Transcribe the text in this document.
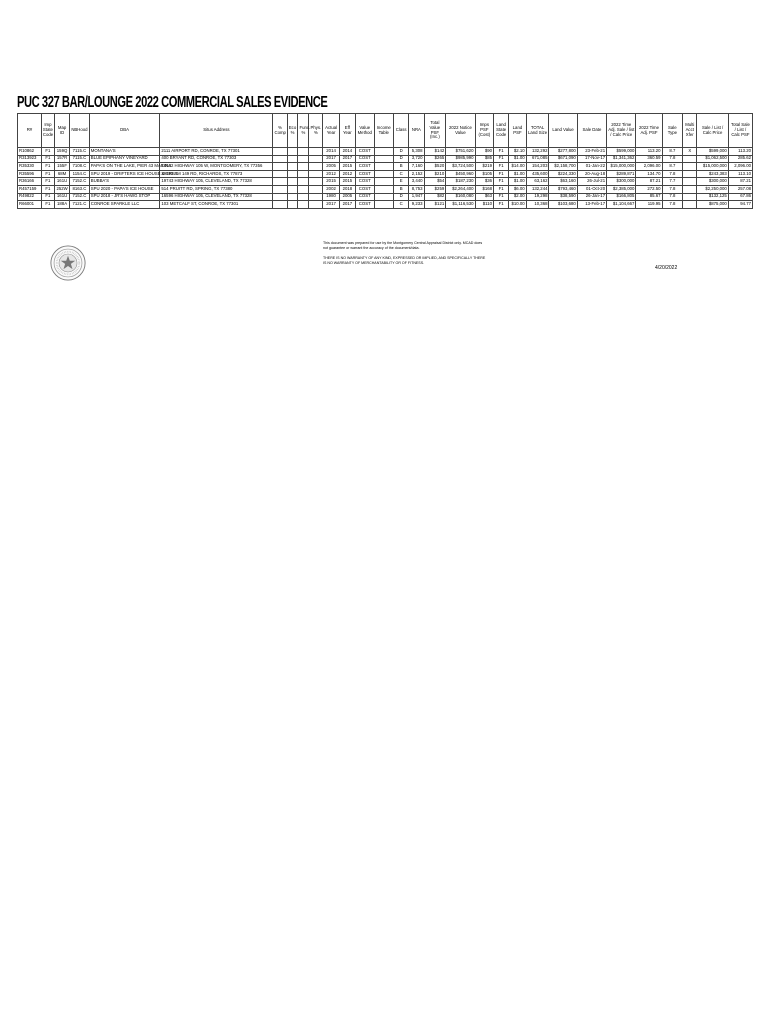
PUC 327 BAR/LOUNGE 2022 COMMERCIAL SALES EVIDENCE
R#	Imp State Code	Map ID	NBHood	DBA	Situs Address	% Comp	Eco %	Func. %	Phys. %	Actual Year	Eff Year	Value Method	Income Table	Class	NRA	Total Value PSF (Inc.)	2022 Notice Value	Imps PSF (Cost)	Land State Code	Land PSF	TOTAL Land Size	Land Value	Sale Date	2022 Time Adj. Sale / list / Calc Price	2022 Time Adj. PSF	Sale Type	Multi Acct Xfer	Sale / List / Calc Price	Total Sale / List / Calc PSF
R10862	F1	159Q	7115.C	MONTANA'S	2111 AIRPORT RD, CONROE, TX 77301					2014	2014	COST		D	5,308	$142	$751,620	$90	F1	$2.10	132,292	$277,800	23-Feb-21	$599,000	113.20	8.7	X	$599,000	113.20
R313923	F1	157R	7115.C	BLUE EPIPHANY VINEYARD	400 BRYANT RD, CONROE, TX 77303					2017	2017	COST		D	3,720	$265	$985,990	$85	F1	$1.00	671,085	$671,090	17-Nov-17	$1,341,362	360.59	7.8		$1,062,500	285.62
R35330	F1	155F	7108.C	PAPA'S ON THE LAKE, PIER 43 MARINA	14632 HIGHWAY 105 W, MONTGOMERY, TX 77356					2005	2015	COST		B	7,160	$520	$3,724,500	$219	F1	$14.00	154,203	$2,158,700	01-Jan-22	$15,000,000	2,096.00	8.7		$15,000,000	2,096.00
R35596	F1	68M	1154.C	SPU 2019 - DRIFTERS ICE HOUSE & GRILL	29193 FM 149 RD, RICHARDS, TX 77873					2012	2012	COST		C	2,152	$210	$450,960	$105	F1	$1.00	435,600	$224,330	20-Aug-18	$289,871	134.70	7.8		$243,383	113.10
R36166	F1	161U	7152.C	BUBBA'S	19743 HIGHWAY 105, CLEVELAND, TX 77328					2015	2015	COST		E	3,440	$54	$187,230	$36	F1	$1.00	63,162	$63,160	26-Jul-21	$300,000	87.21	7.7		$300,000	87.21
R457159	F1	252W	8163.C	SPU 2020 - PAPA'S ICE HOUSE	514 PRUITT RD, SPRING, TX 77380					2002	2018	COST		B	8,753	$259	$2,264,400	$168	F1	$6.00	132,244	$793,460	01-Oct-20	$2,385,000	272.50	7.8		$2,250,000	257.08
R49822	F1	161U	7152.C	SPU 2018 - JR'S HAWG STOP	16596 HIGHWAY 105, CLEVELAND, TX 77328					1980	2005	COST		D	1,947	$82	$160,080	$63	F1	$2.00	19,298	$38,590	26-Jan-17	$166,805	85.67	7.8		$132,125	67.86
R66001	F1	188A	7121.C	CONROE SPARKLE LLC	103 METCALF ST, CONROE, TX 77301					2017	2017	COST		C	9,233	$121	$1,116,530	$110	F1	$10.00	10,368	$103,680	13-Feb-17	$1,104,667	119.95	7.8		$875,000	94.77

This document was prepared for use by the Montgomery Central Appraisal District only. MCAD does not guarantee or warrant the accuracy of the document/data.

THERE IS NO WARRANTY OF ANY KIND, EXPRESSED OR IMPLIED, AND SPECIFICALLY THERE IS NO WARRANTY OF MERCHANTABILITY OR OF FITNESS.

4/20/2022
